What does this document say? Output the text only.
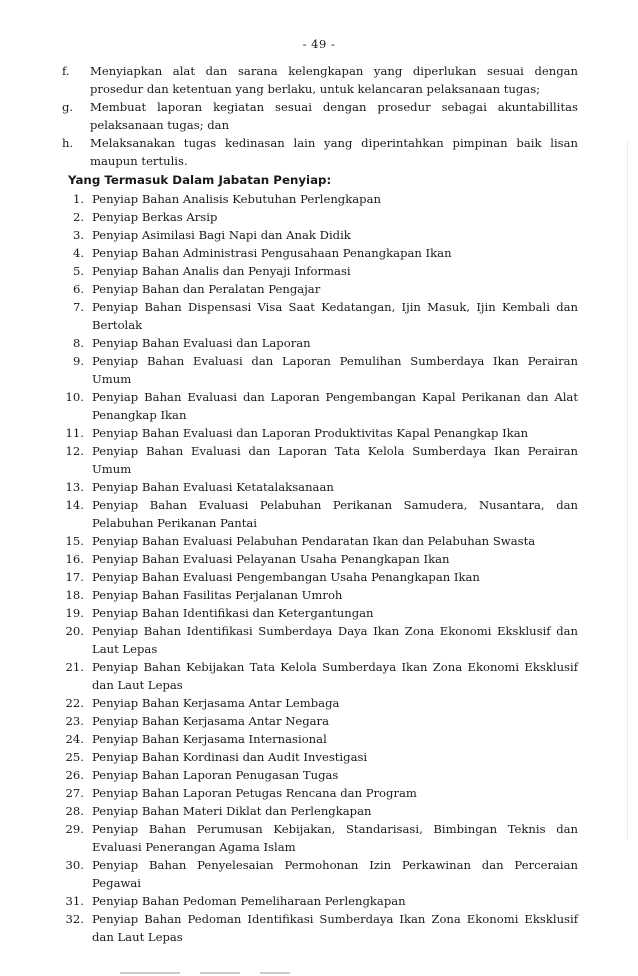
- 49 -
f.	Menyiapkan alat dan sarana kelengkapan yang diperlukan sesuai dengan prosedur dan ketentuan yang berlaku, untuk kelancaran pelaksanaan tugas;
g.	Membuat laporan kegiatan sesuai dengan prosedur sebagai akuntabillitas pelaksanaan tugas; dan
h.	Melaksanakan tugas kedinasan lain yang diperintahkan pimpinan baik lisan maupun tertulis.
Yang Termasuk Dalam Jabatan Penyiap:
1. Penyiap Bahan Analisis Kebutuhan Perlengkapan
2. Penyiap Berkas Arsip
3. Penyiap Asimilasi Bagi Napi dan Anak Didik
4. Penyiap Bahan Administrasi Pengusahaan Penangkapan Ikan
5. Penyiap Bahan Analis dan Penyaji Informasi
6. Penyiap Bahan dan Peralatan Pengajar
7. Penyiap Bahan Dispensasi Visa Saat Kedatangan, Ijin Masuk, Ijin Kembali dan Bertolak
8. Penyiap Bahan Evaluasi dan Laporan
9. Penyiap Bahan Evaluasi dan Laporan Pemulihan Sumberdaya Ikan Perairan Umum
10. Penyiap Bahan Evaluasi dan Laporan Pengembangan Kapal Perikanan dan Alat Penangkap Ikan
11. Penyiap Bahan Evaluasi dan Laporan Produktivitas Kapal Penangkap Ikan
12. Penyiap Bahan Evaluasi dan Laporan Tata Kelola Sumberdaya Ikan Perairan Umum
13. Penyiap Bahan Evaluasi Ketatalaksanaan
14. Penyiap Bahan Evaluasi Pelabuhan Perikanan Samudera, Nusantara, dan Pelabuhan Perikanan Pantai
15. Penyiap Bahan Evaluasi Pelabuhan Pendaratan Ikan dan Pelabuhan Swasta
16. Penyiap Bahan Evaluasi Pelayanan Usaha Penangkapan Ikan
17. Penyiap Bahan Evaluasi Pengembangan Usaha Penangkapan Ikan
18. Penyiap Bahan Fasilitas Perjalanan Umroh
19. Penyiap Bahan Identifikasi dan Ketergantungan
20. Penyiap Bahan Identifikasi Sumberdaya Daya Ikan Zona Ekonomi Eksklusif dan Laut Lepas
21. Penyiap Bahan Kebijakan Tata Kelola Sumberdaya Ikan Zona Ekonomi Eksklusif dan Laut Lepas
22. Penyiap Bahan Kerjasama Antar Lembaga
23. Penyiap Bahan Kerjasama Antar Negara
24. Penyiap Bahan Kerjasama Internasional
25. Penyiap Bahan Kordinasi dan Audit Investigasi
26. Penyiap Bahan Laporan Penugasan Tugas
27. Penyiap Bahan Laporan Petugas Rencana dan Program
28. Penyiap Bahan Materi Diklat dan Perlengkapan
29. Penyiap Bahan Perumusan Kebijakan, Standarisasi, Bimbingan Teknis dan Evaluasi Penerangan Agama Islam
30. Penyiap Bahan Penyelesaian Permohonan Izin Perkawinan dan Perceraian Pegawai
31. Penyiap Bahan Pedoman Pemeliharaan Perlengkapan
32. Penyiap Bahan Pedoman Identifikasi Sumberdaya Ikan Zona Ekonomi Eksklusif dan Laut Lepas
